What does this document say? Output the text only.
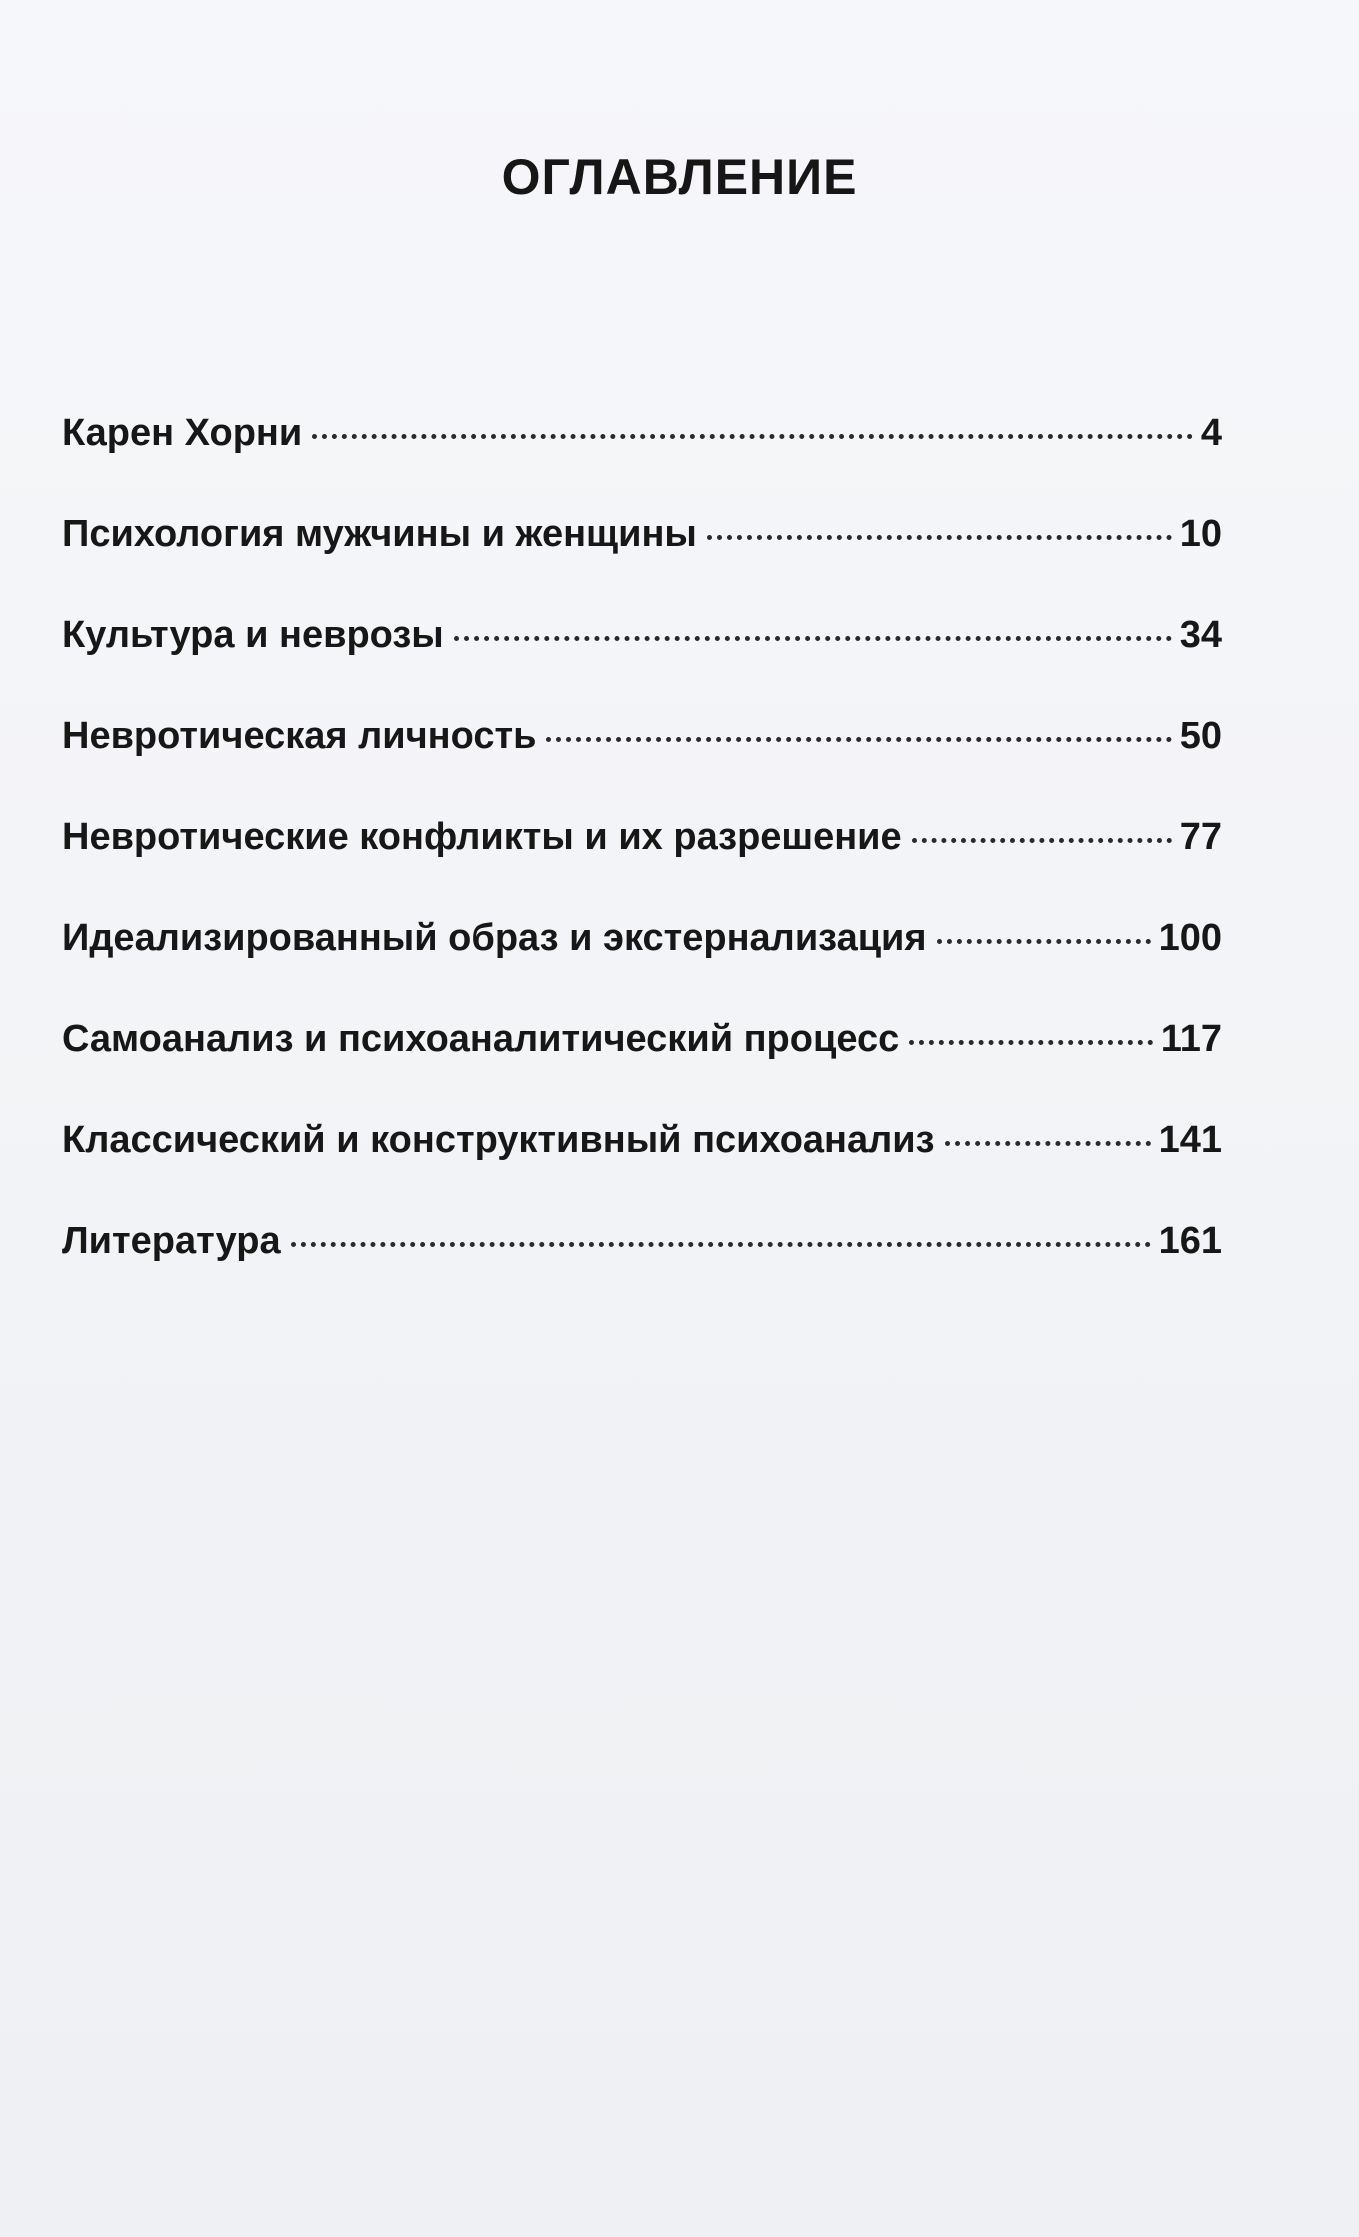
ОГЛАВЛЕНИЕ
Карен Хорни	4
Психология мужчины и женщины	10
Культура и неврозы	34
Невротическая личность	50
Невротические конфликты и их разрешение	77
Идеализированный образ и экстернализация	100
Самоанализ и психоаналитический процесс	117
Классический и конструктивный психоанализ	141
Литература	161
